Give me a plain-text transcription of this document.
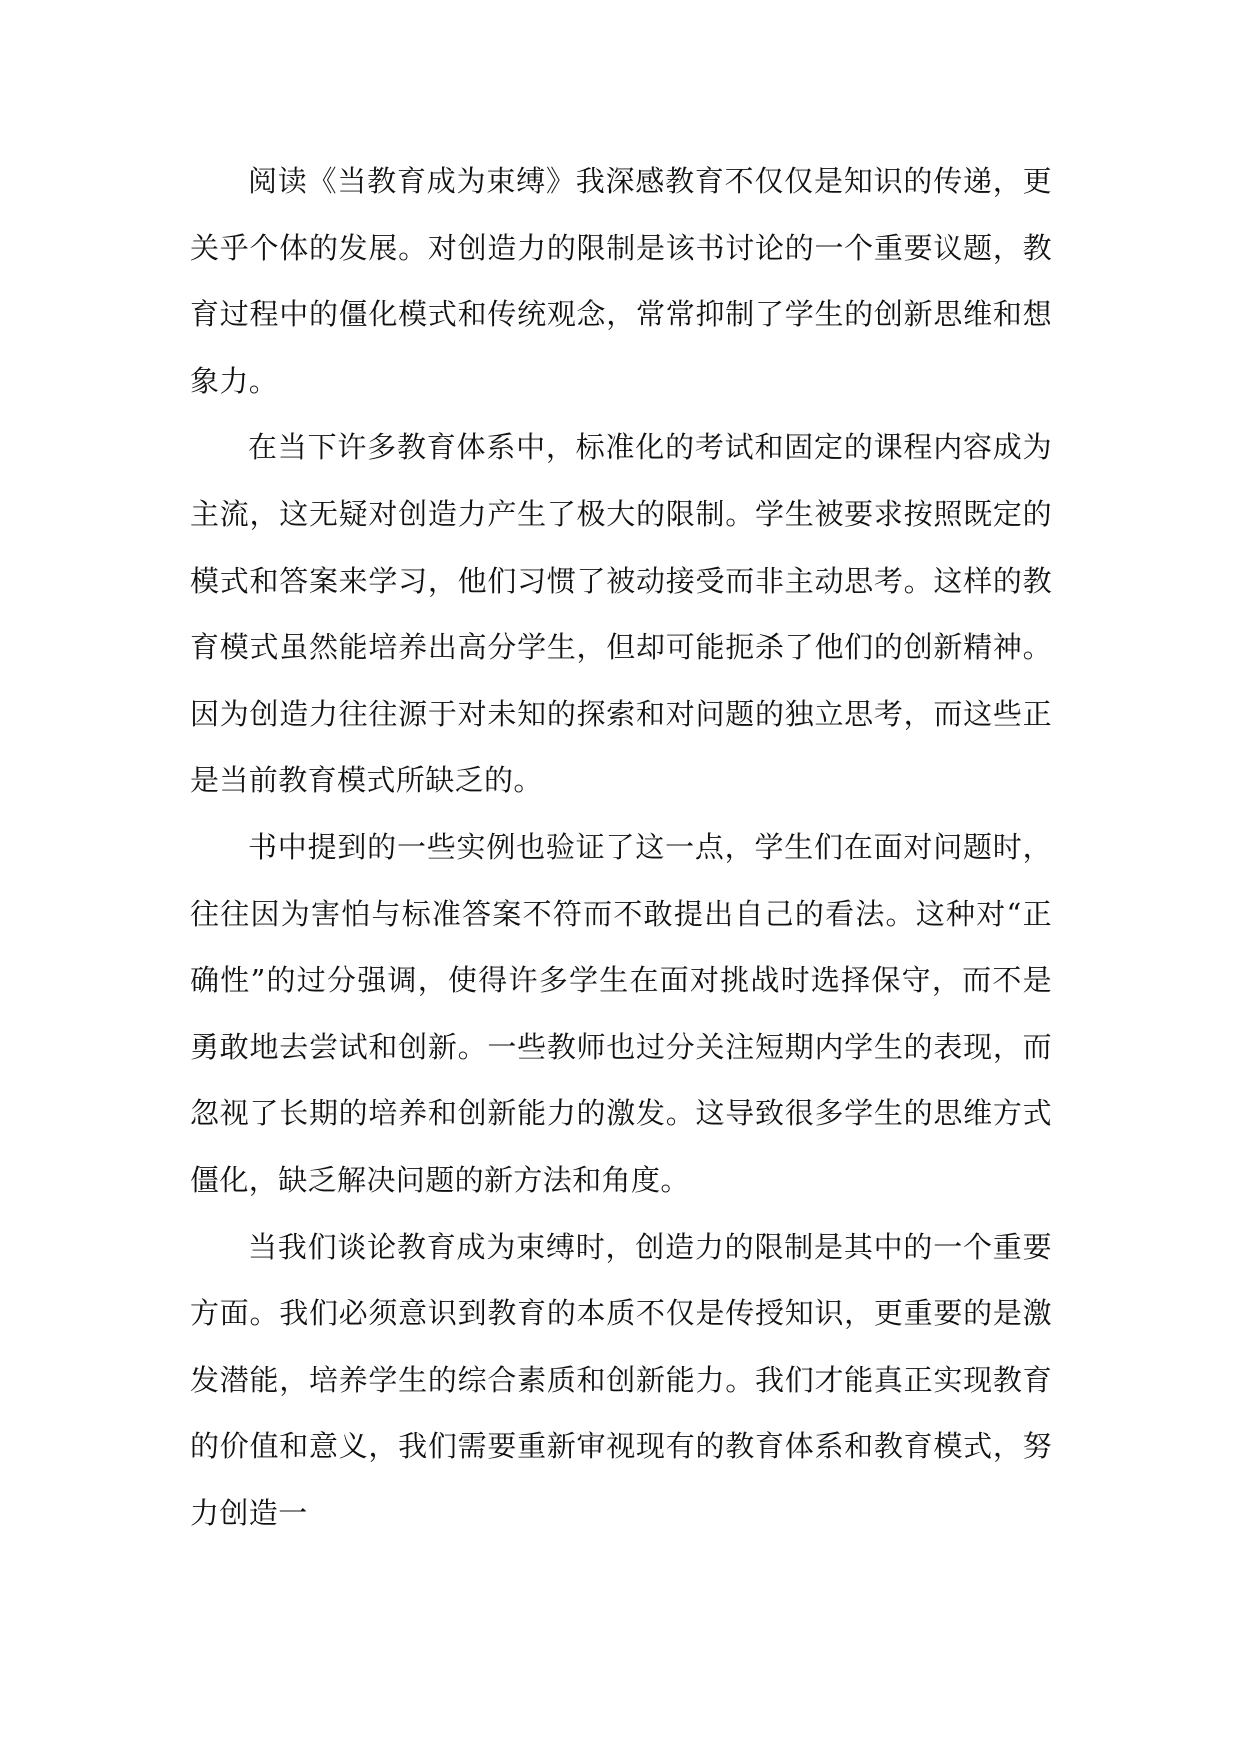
阅读《当教育成为束缚》我深感教育不仅仅是知识的传递，更关乎个体的发展。对创造力的限制是该书讨论的一个重要议题，教育过程中的僵化模式和传统观念，常常抑制了学生的创新思维和想象力。

在当下许多教育体系中，标准化的考试和固定的课程内容成为主流，这无疑对创造力产生了极大的限制。学生被要求按照既定的模式和答案来学习，他们习惯了被动接受而非主动思考。这样的教育模式虽然能培养出高分学生，但却可能扼杀了他们的创新精神。因为创造力往往源于对未知的探索和对问题的独立思考，而这些正是当前教育模式所缺乏的。

书中提到的一些实例也验证了这一点，学生们在面对问题时，往往因为害怕与标准答案不符而不敢提出自己的看法。这种对“正确性”的过分强调，使得许多学生在面对挑战时选择保守，而不是勇敢地去尝试和创新。一些教师也过分关注短期内学生的表现，而忽视了长期的培养和创新能力的激发。这导致很多学生的思维方式僵化，缺乏解决问题的新方法和角度。

当我们谈论教育成为束缚时，创造力的限制是其中的一个重要方面。我们必须意识到教育的本质不仅是传授知识，更重要的是激发潜能，培养学生的综合素质和创新能力。我们才能真正实现教育的价值和意义，我们需要重新审视现有的教育体系和教育模式，努力创造一
